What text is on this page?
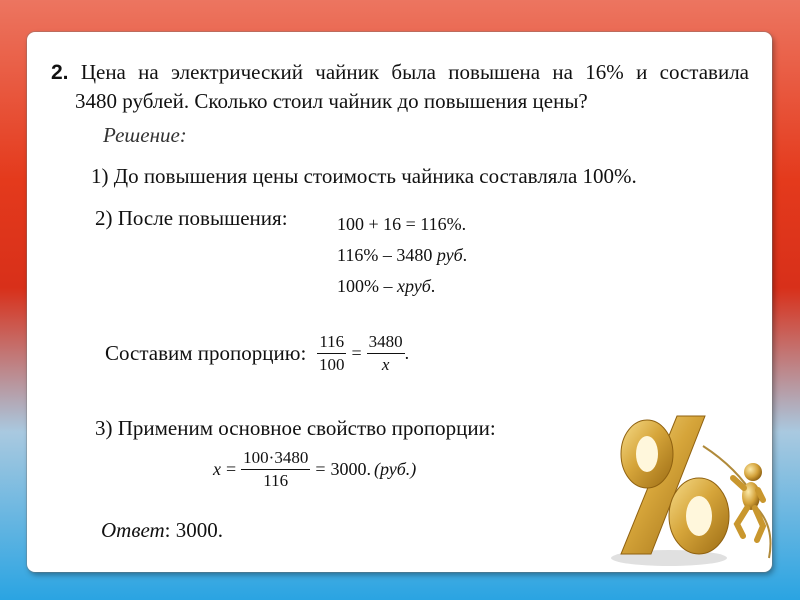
2. Цена на электрический чайник была повышена на 16% и составила
3480 рублей. Сколько стоил чайник до повышения цены?
Решение:
1) До повышения цены стоимость чайника составляла 100%.
2) После повышения:	100 + 16 = 116%.
116% – 3480 руб.
100% – хруб.
Составим пропорцию: $\frac{116}{100} = \frac{3480}{x}$ .
3) Применим основное свойство пропорции:
$x = \frac{100\cdot 3480}{116} = 3000$. (руб.)
Ответ: 3000.
